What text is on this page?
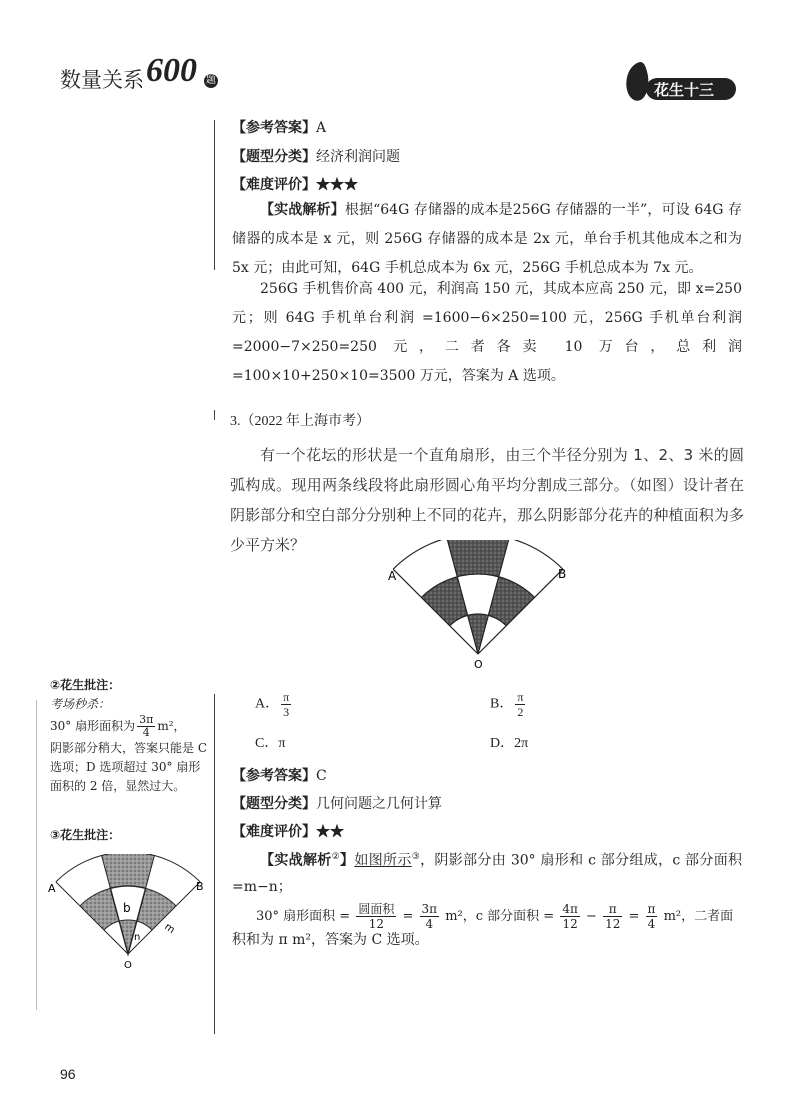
数量关系 600 题
花生十三
【参考答案】A
【题型分类】经济利润问题
【难度评价】★★★
【实战解析】根据“64G 存储器的成本是256G 存储器的一半”，可设 64G 存储器的成本是 x 元，则 256G 存储器的成本是 2x 元，单台手机其他成本之和为 5x 元；由此可知，64G 手机总成本为 6x 元，256G 手机总成本为 7x 元。
256G 手机售价高 400 元，利润高 150 元，其成本应高 250 元，即 x=250 元；则 64G 手机单台利润 =1600−6×250=100 元，256G 手机单台利润 =2000−7×250=250 元，二者各卖 10 万台，总利润 =100×10+250×10=3500 万元，答案为 A 选项。
3.（2022 年上海市考）
有一个花坛的形状是一个直角扇形，由三个半径分别为 1、2、3 米的圆弧构成。现用两条线段将此扇形圆心角平均分割成三部分。（如图）设计者在阴影部分和空白部分分别种上不同的花卉，那么阴影部分花卉的种植面积为多少平方米？
A	B
O
A． $\frac{\pi}{3}$	B． $\frac{\pi}{2}$
C．π	D．2π
【参考答案】C
【题型分类】几何问题之几何计算
【难度评价】★★
【实战解析②】如图所示③，阴影部分由 30° 扇形和 c 部分组成，c 部分面积 =m−n；
30° 扇形面积 = $\frac{\text{圆面积}}{12} = \frac{3\pi}{4} m^2$，c 部分面积 = $\frac{4\pi}{12} - \frac{\pi}{12} = \frac{\pi}{4} m^2$，二者面
积和为 π m²，答案为 C 选项。
②花生批注：
考场秒杀：
30° 扇形面积为 $\frac{3\pi}{4} m^2$，
阴影部分稍大，答案只能是 C 选项；D 选项超过 30° 扇形面积的 2 倍，显然过大。
③花生批注：
A	B
O
b
m
n
96
